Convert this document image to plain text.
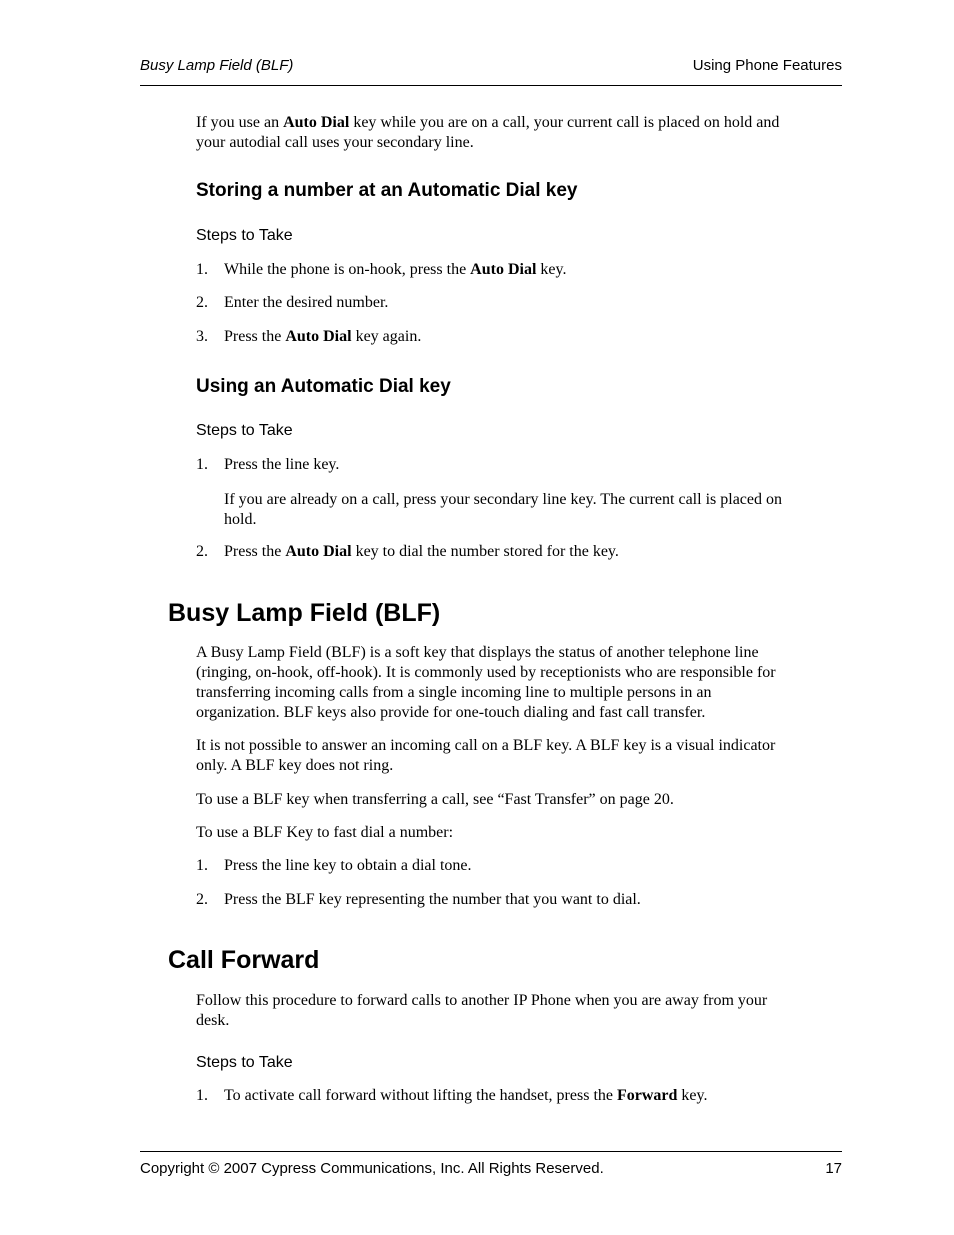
Busy Lamp Field (BLF)	Using Phone Features
If you use an Auto Dial key while you are on a call, your current call is placed on hold and
your autodial call uses your secondary line.
Storing a number at an Automatic Dial key
Steps to Take
1. While the phone is on-hook, press the Auto Dial key.
2. Enter the desired number.
3. Press the Auto Dial key again.
Using an Automatic Dial key
Steps to Take
1. Press the line key.
If you are already on a call, press your secondary line key. The current call is placed on
hold.
2. Press the Auto Dial key to dial the number stored for the key.
Busy Lamp Field (BLF)
A Busy Lamp Field (BLF) is a soft key that displays the status of another telephone line
(ringing, on-hook, off-hook). It is commonly used by receptionists who are responsible for
transferring incoming calls from a single incoming line to multiple persons in an
organization. BLF keys also provide for one-touch dialing and fast call transfer.
It is not possible to answer an incoming call on a BLF key. A BLF key is a visual indicator
only. A BLF key does not ring.
To use a BLF key when transferring a call, see “Fast Transfer” on page 20.
To use a BLF Key to fast dial a number:
1. Press the line key to obtain a dial tone.
2. Press the BLF key representing the number that you want to dial.
Call Forward
Follow this procedure to forward calls to another IP Phone when you are away from your
desk.
Steps to Take
1. To activate call forward without lifting the handset, press the Forward key.
Copyright © 2007 Cypress Communications, Inc. All Rights Reserved.	17
